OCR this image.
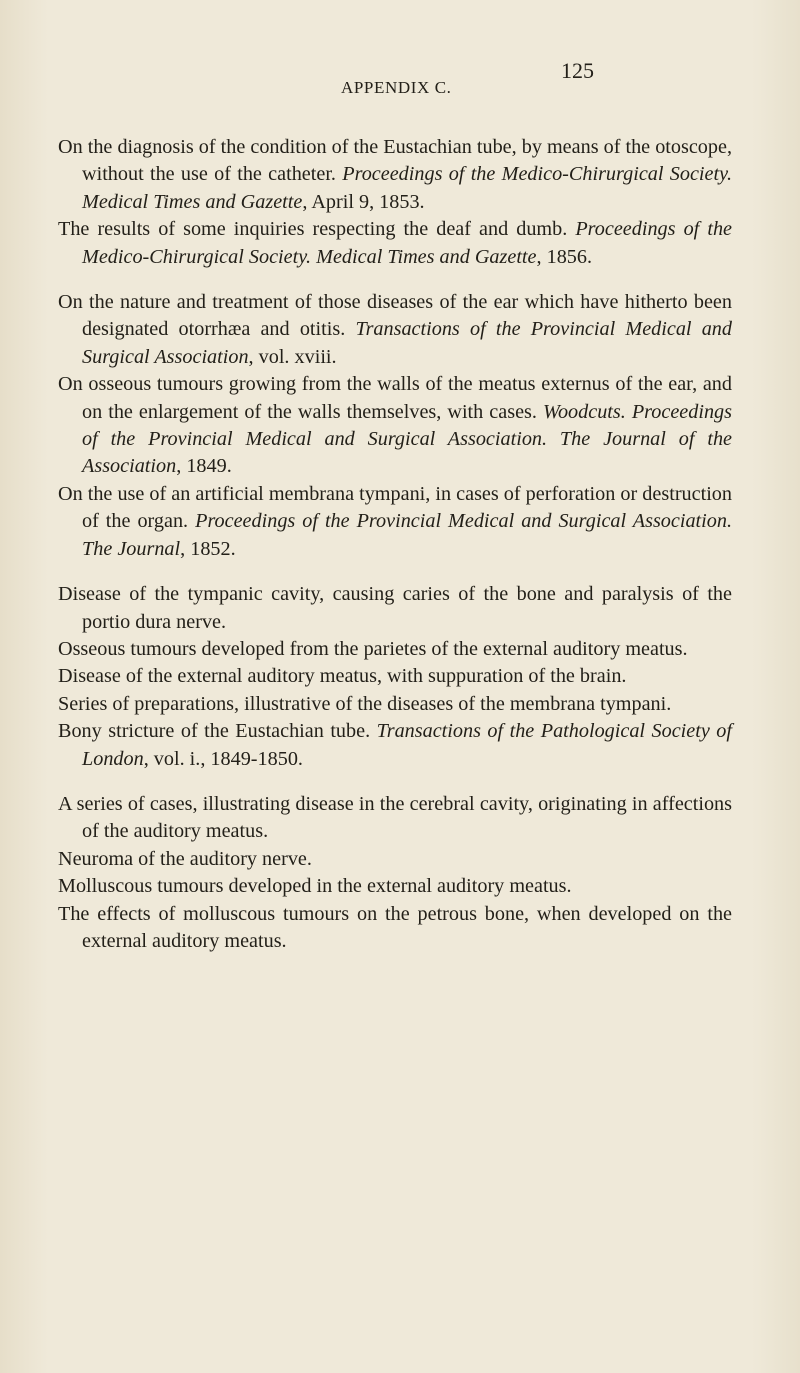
APPENDIX C.
125

On the diagnosis of the condition of the Eustachian tube, by means of the otoscope, without the use of the catheter. Proceedings of the Medico-Chirurgical Society. Medical Times and Gazette, April 9, 1853.

The results of some inquiries respecting the deaf and dumb. Proceedings of the Medico-Chirurgical Society. Medical Times and Gazette, 1856.

On the nature and treatment of those diseases of the ear which have hitherto been designated otorrhæa and otitis. Transactions of the Provincial Medical and Surgical Association, vol. xviii.

On osseous tumours growing from the walls of the meatus externus of the ear, and on the enlargement of the walls themselves, with cases. Woodcuts. Proceedings of the Provincial Medical and Surgical Association. The Journal of the Association, 1849.

On the use of an artificial membrana tympani, in cases of perforation or destruction of the organ. Proceedings of the Provincial Medical and Surgical Association. The Journal, 1852.

Disease of the tympanic cavity, causing caries of the bone and paralysis of the portio dura nerve.

Osseous tumours developed from the parietes of the external auditory meatus.

Disease of the external auditory meatus, with suppuration of the brain.

Series of preparations, illustrative of the diseases of the membrana tympani.

Bony stricture of the Eustachian tube. Transactions of the Pathological Society of London, vol. i., 1849-1850.

A series of cases, illustrating disease in the cerebral cavity, originating in affections of the auditory meatus.

Neuroma of the auditory nerve.

Molluscous tumours developed in the external auditory meatus.

The effects of molluscous tumours on the petrous bone, when developed on the external auditory meatus.
